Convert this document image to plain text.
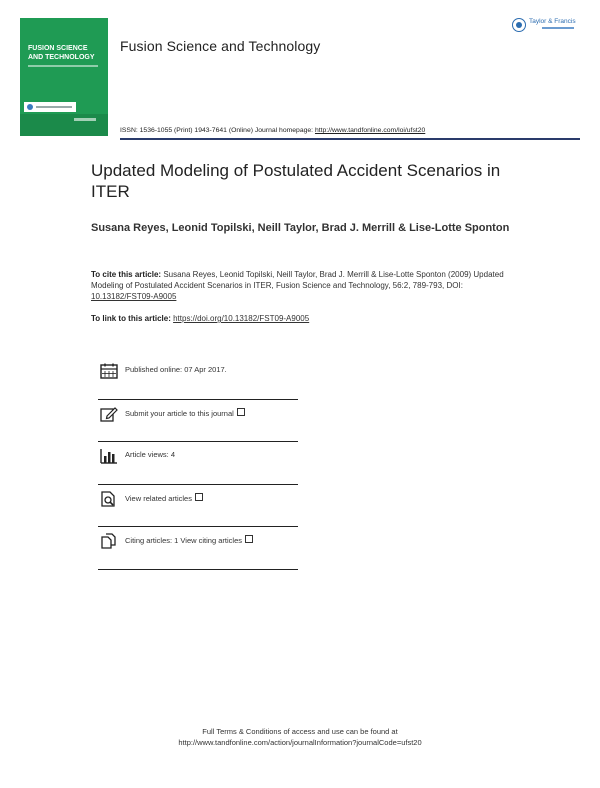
FUSION SCIENCE AND TECHNOLOGY
Fusion Science and Technology
Taylor & Francis
ISSN: 1536-1055 (Print) 1943-7641 (Online) Journal homepage: http://www.tandfonline.com/loi/ufst20
Updated Modeling of Postulated Accident Scenarios in ITER
Susana Reyes, Leonid Topilski, Neill Taylor, Brad J. Merrill & Lise-Lotte Sponton
To cite this article: Susana Reyes, Leonid Topilski, Neill Taylor, Brad J. Merrill & Lise-Lotte Sponton (2009) Updated Modeling of Postulated Accident Scenarios in ITER, Fusion Science and Technology, 56:2, 789-793, DOI: 10.13182/FST09-A9005
To link to this article: https://doi.org/10.13182/FST09-A9005
Published online: 07 Apr 2017.
Submit your article to this journal
Article views: 4
View related articles
Citing articles: 1 View citing articles
Full Terms & Conditions of access and use can be found at
http://www.tandfonline.com/action/journalInformation?journalCode=ufst20
